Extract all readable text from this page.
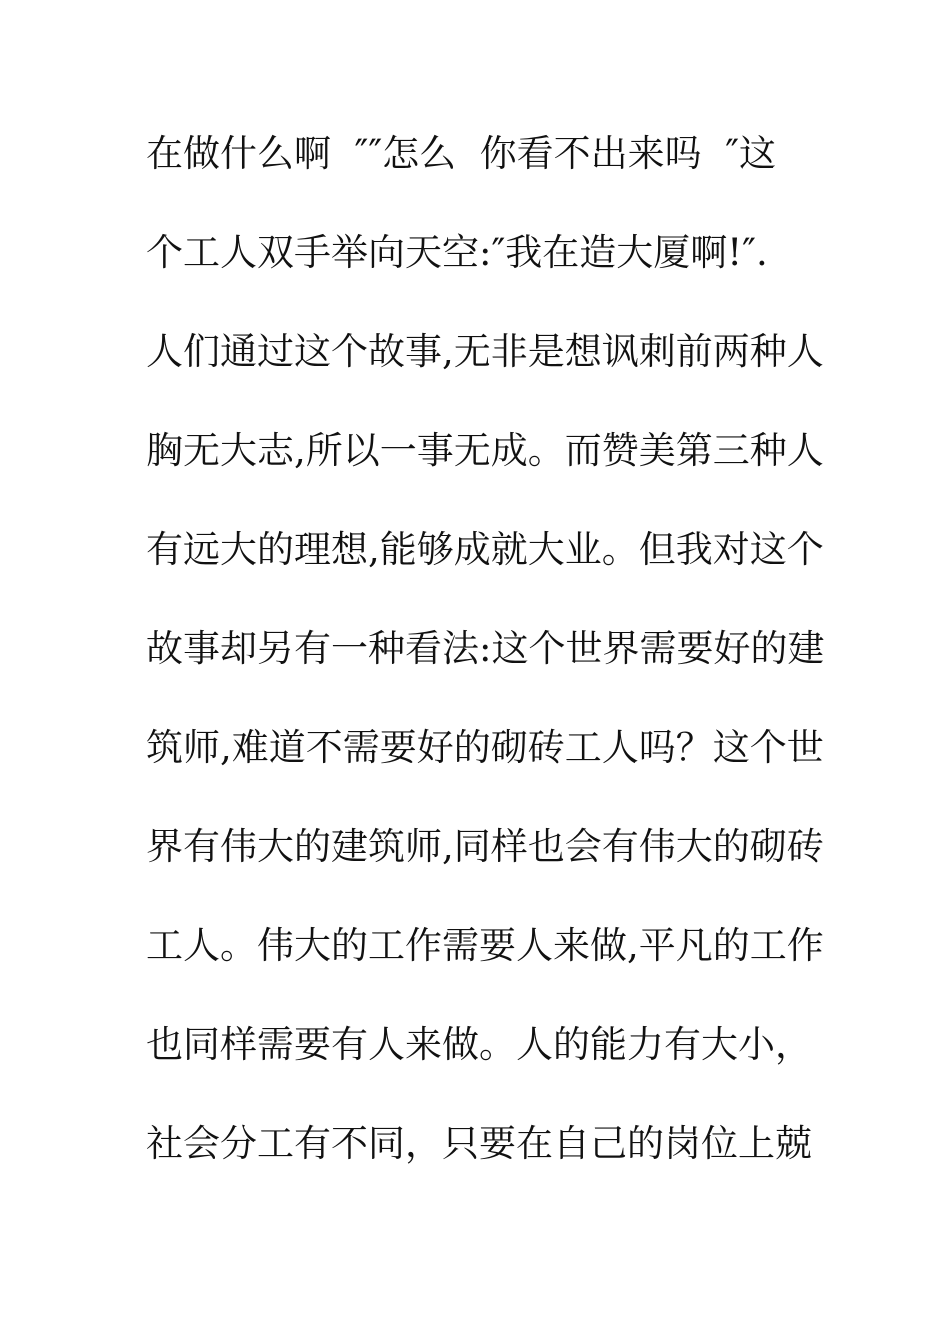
在做什么啊  ″″怎么  你看不出来吗  ″这
个工人双手举向天空:″我在造大厦啊!″.
人们通过这个故事,无非是想讽刺前两种人
胸无大志,所以一事无成。而赞美第三种人
有远大的理想,能够成就大业。但我对这个
故事却另有一种看法:这个世界需要好的建
筑师,难道不需要好的砌砖工人吗？这个世
界有伟大的建筑师,同样也会有伟大的砌砖
工人。伟大的工作需要人来做,平凡的工作
也同样需要有人来做。人的能力有大小，
社会分工有不同，只要在自己的岗位上兢
